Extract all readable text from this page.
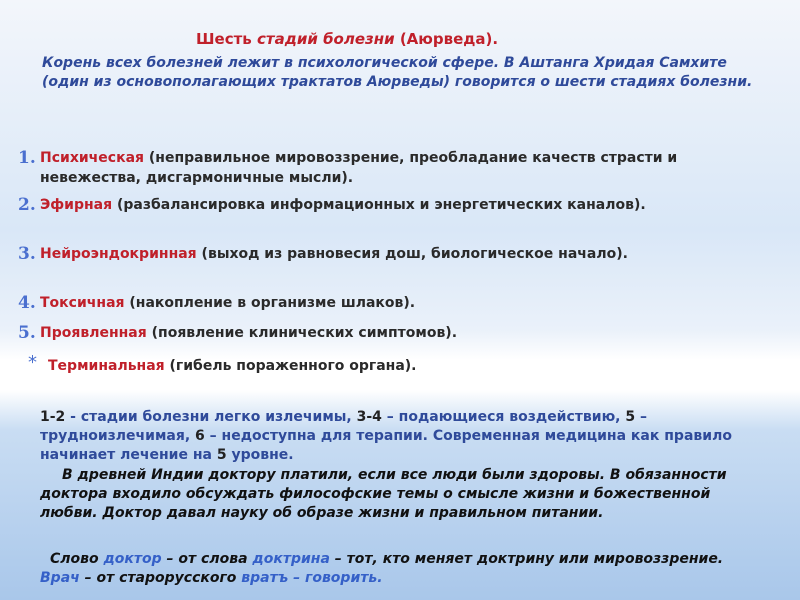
Шесть стадий болезни (Аюрведа).
Корень всех болезней лежит в психологической сфере. В Аштанга Хридая Самхите (один из основополагающих трактатов Аюрведы) говорится о шести стадиях болезни.
1. Психическая (неправильное мировоззрение, преобладание качеств страсти и невежества, дисгармоничные мысли).
2. Эфирная (разбалансировка информационных и энергетических каналов).
3. Нейроэндокринная (выход из равновесия дош, биологическое начало).
4. Токсичная (накопление в организме шлаков).
5. Проявленная (появление клинических симптомов).
* Терминальная (гибель пораженного органа).
1-2 - стадии болезни легко излечимы, 3-4 – подающиеся воздействию, 5 – трудноизлечимая, 6 – недоступна для терапии. Современная медицина как правило начинает лечение на 5 уровне.
В древней Индии доктору платили, если все люди были здоровы. В обязанности доктора входило обсуждать философские темы о смысле жизни и божественной любви. Доктор давал науку об образе жизни и правильном питании.
Слово доктор – от слова доктрина – тот, кто меняет доктрину или мировоззрение. Врач – от старорусского вратъ – говорить.
